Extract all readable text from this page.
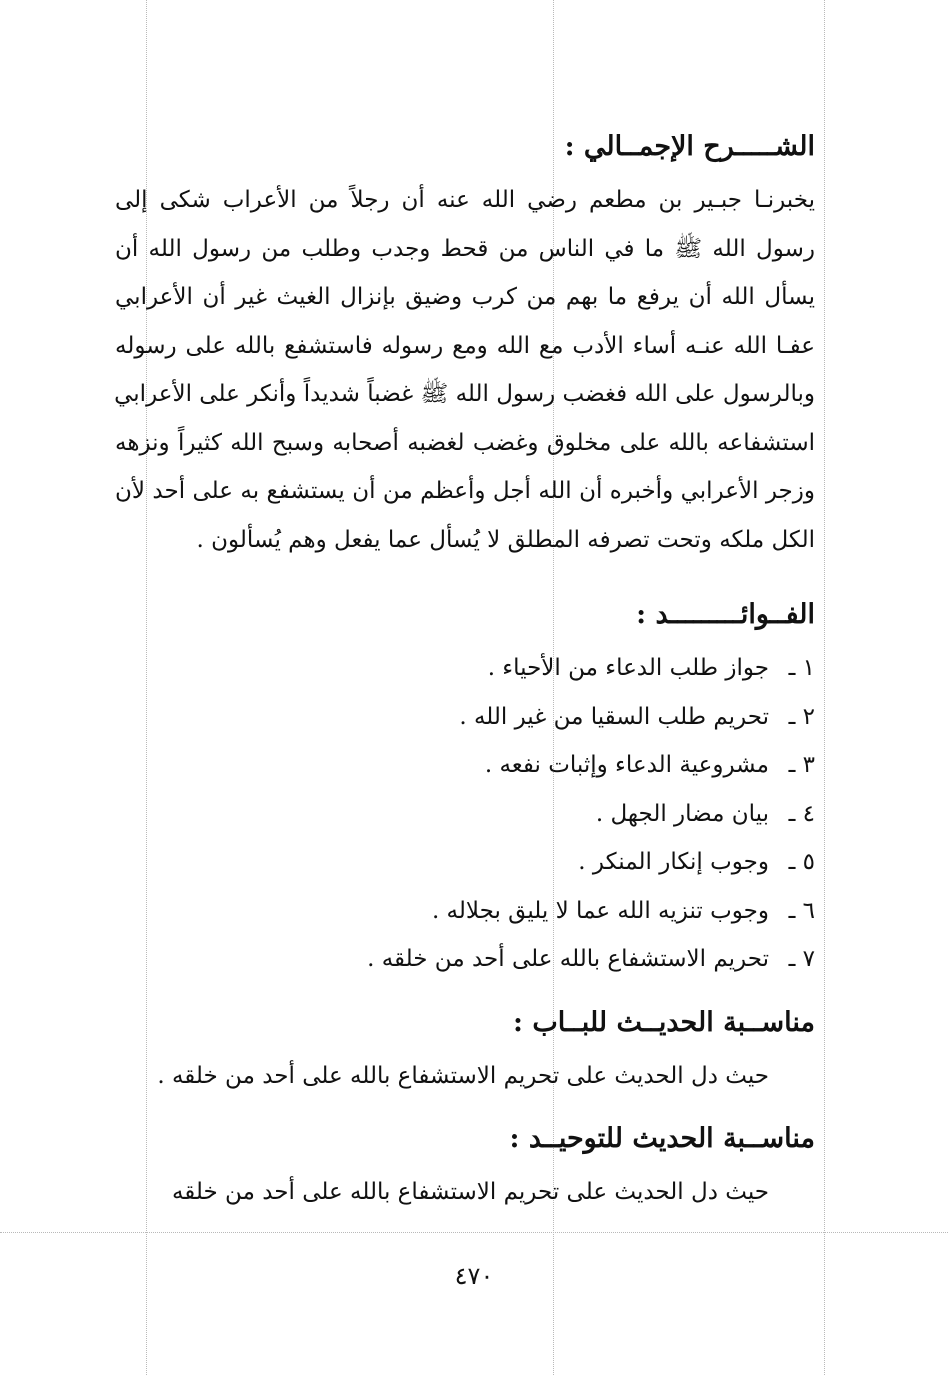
الشـــــرح الإجمــالي :

يخبرنـا جبـير بن مطعم رضي الله عنه أن رجلاً من الأعراب شكى إلى
رسول الله ﷺ ما في الناس من قحط وجدب وطلب من رسول الله أن
يسأل الله أن يرفع ما بهم من كرب وضيق بإنزال الغيث غير أن الأعرابي
عفـا الله عنـه أساء الأدب مع الله ومع رسوله فاستشفع بالله على رسوله
وبالرسول على الله فغضب رسول الله ﷺ غضباً شديداً وأنكر على الأعرابي
استشفاعه بالله على مخلوق وغضب لغضبه أصحابه وسبح الله كثيراً ونزهه
وزجر الأعرابي وأخبره أن الله أجل وأعظم من أن يستشفع به على أحد لأن
الكل ملكه وتحت تصرفه المطلق لا يُسأل عما يفعل وهم يُسألون .

الفــوائـــــــــد :
١ ـجواز طلب الدعاء من الأحياء .
٢ ـتحريم طلب السقيا من غير الله .
٣ ـمشروعية الدعاء وإثبات نفعه .
٤ ـبيان مضار الجهل .
٥ ـوجوب إنكار المنكر .
٦ ـوجوب تنزيه الله عما لا يليق بجلاله .
٧ ـتحريم الاستشفاع بالله على أحد من خلقه .
مناســبة الحديــث للبــاب :

حيث دل الحديث على تحريم الاستشفاع بالله على أحد من خلقه .

مناســبة الحديث للتوحيــد :

حيث دل الحديث على تحريم الاستشفاع بالله على أحد من خلقه

٤٧٠
